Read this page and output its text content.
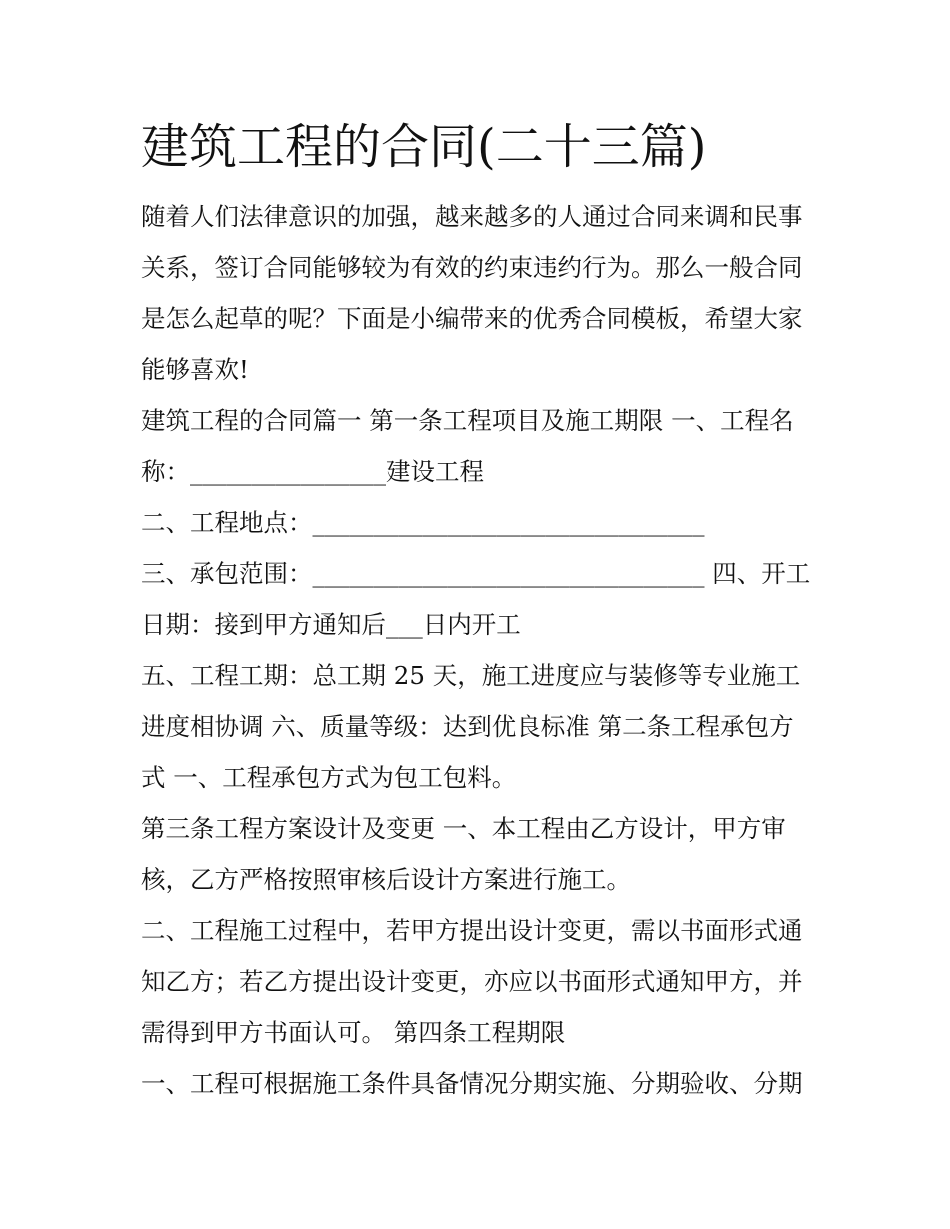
建筑工程的合同(二十三篇)
随着人们法律意识的加强，越来越多的人通过合同来调和民事
关系，签订合同能够较为有效的约束违约行为。那么一般合同
是怎么起草的呢？下面是小编带来的优秀合同模板，希望大家
能够喜欢!
建筑工程的合同篇一 第一条工程项目及施工期限 一、工程名
称：________________建设工程
二、工程地点：________________________________
三、承包范围：________________________________ 四、开工
日期：接到甲方通知后___日内开工
五、工程工期：总工期 25 天，施工进度应与装修等专业施工
进度相协调 六、质量等级：达到优良标准 第二条工程承包方
式 一、工程承包方式为包工包料。
第三条工程方案设计及变更 一、本工程由乙方设计，甲方审
核，乙方严格按照审核后设计方案进行施工。
二、工程施工过程中，若甲方提出设计变更，需以书面形式通
知乙方；若乙方提出设计变更，亦应以书面形式通知甲方，并
需得到甲方书面认可。 第四条工程期限
一、工程可根据施工条件具备情况分期实施、分期验收、分期
